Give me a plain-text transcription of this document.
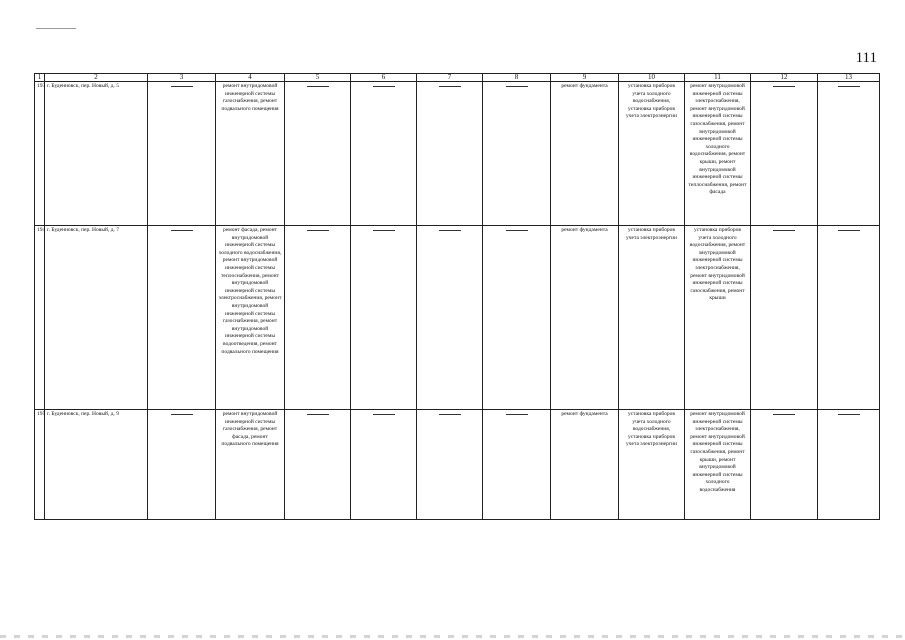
111
1	2	3	4	5	6	7	8	9	10	11	12	13
193	г. Буденновск, пер. Новый, д. 5		ремонт внутридомовой инженерной системы газоснабжения, ремонт подвального помещения					ремонт фундамента	установка приборов учета холодного водоснабжения, установка приборов учета электроэнергии	ремонт внутридомовой инженерной системы электроснабжения, ремонт внутридомовой инженерной системы газоснабжения, ремонт внутридомовой инженерной системы холодного водоснабжения, ремонт крыши, ремонт внутридомовой инженерной системы теплоснабжения, ремонт фасада	

194	г. Буденновск, пер. Новый, д. 7		ремонт фасада, ремонт внутридомовой инженерной системы холодного водоснабжения, ремонт внутридомовой инженерной системы теплоснабжения, ремонт внутридомовой инженерной системы электроснабжения, ремонт внутридомовой инженерной системы газоснабжения, ремонт внутридомовой инженерной системы водоотведения, ремонт подвального помещения					ремонт фундамента	установка приборов учета электроэнергии	установка приборов учета холодного водоснабжения, ремонт внутридомовой инженерной системы электроснабжения, ремонт внутридомовой инженерной системы газоснабжения, ремонт крыши	

195	г. Буденновск, пер. Новый, д. 9		ремонт внутридомовой инженерной системы газоснабжения, ремонт фасада, ремонт подвального помещения					ремонт фундамента	установка приборов учета холодного водоснабжения, установка приборов учета электроэнергии	ремонт внутридомовой инженерной системы электроснабжения, ремонт внутридомовой инженерной системы газоснабжения, ремонт крыши, ремонт внутридомовой инженерной системы холодного водоснабжения	
